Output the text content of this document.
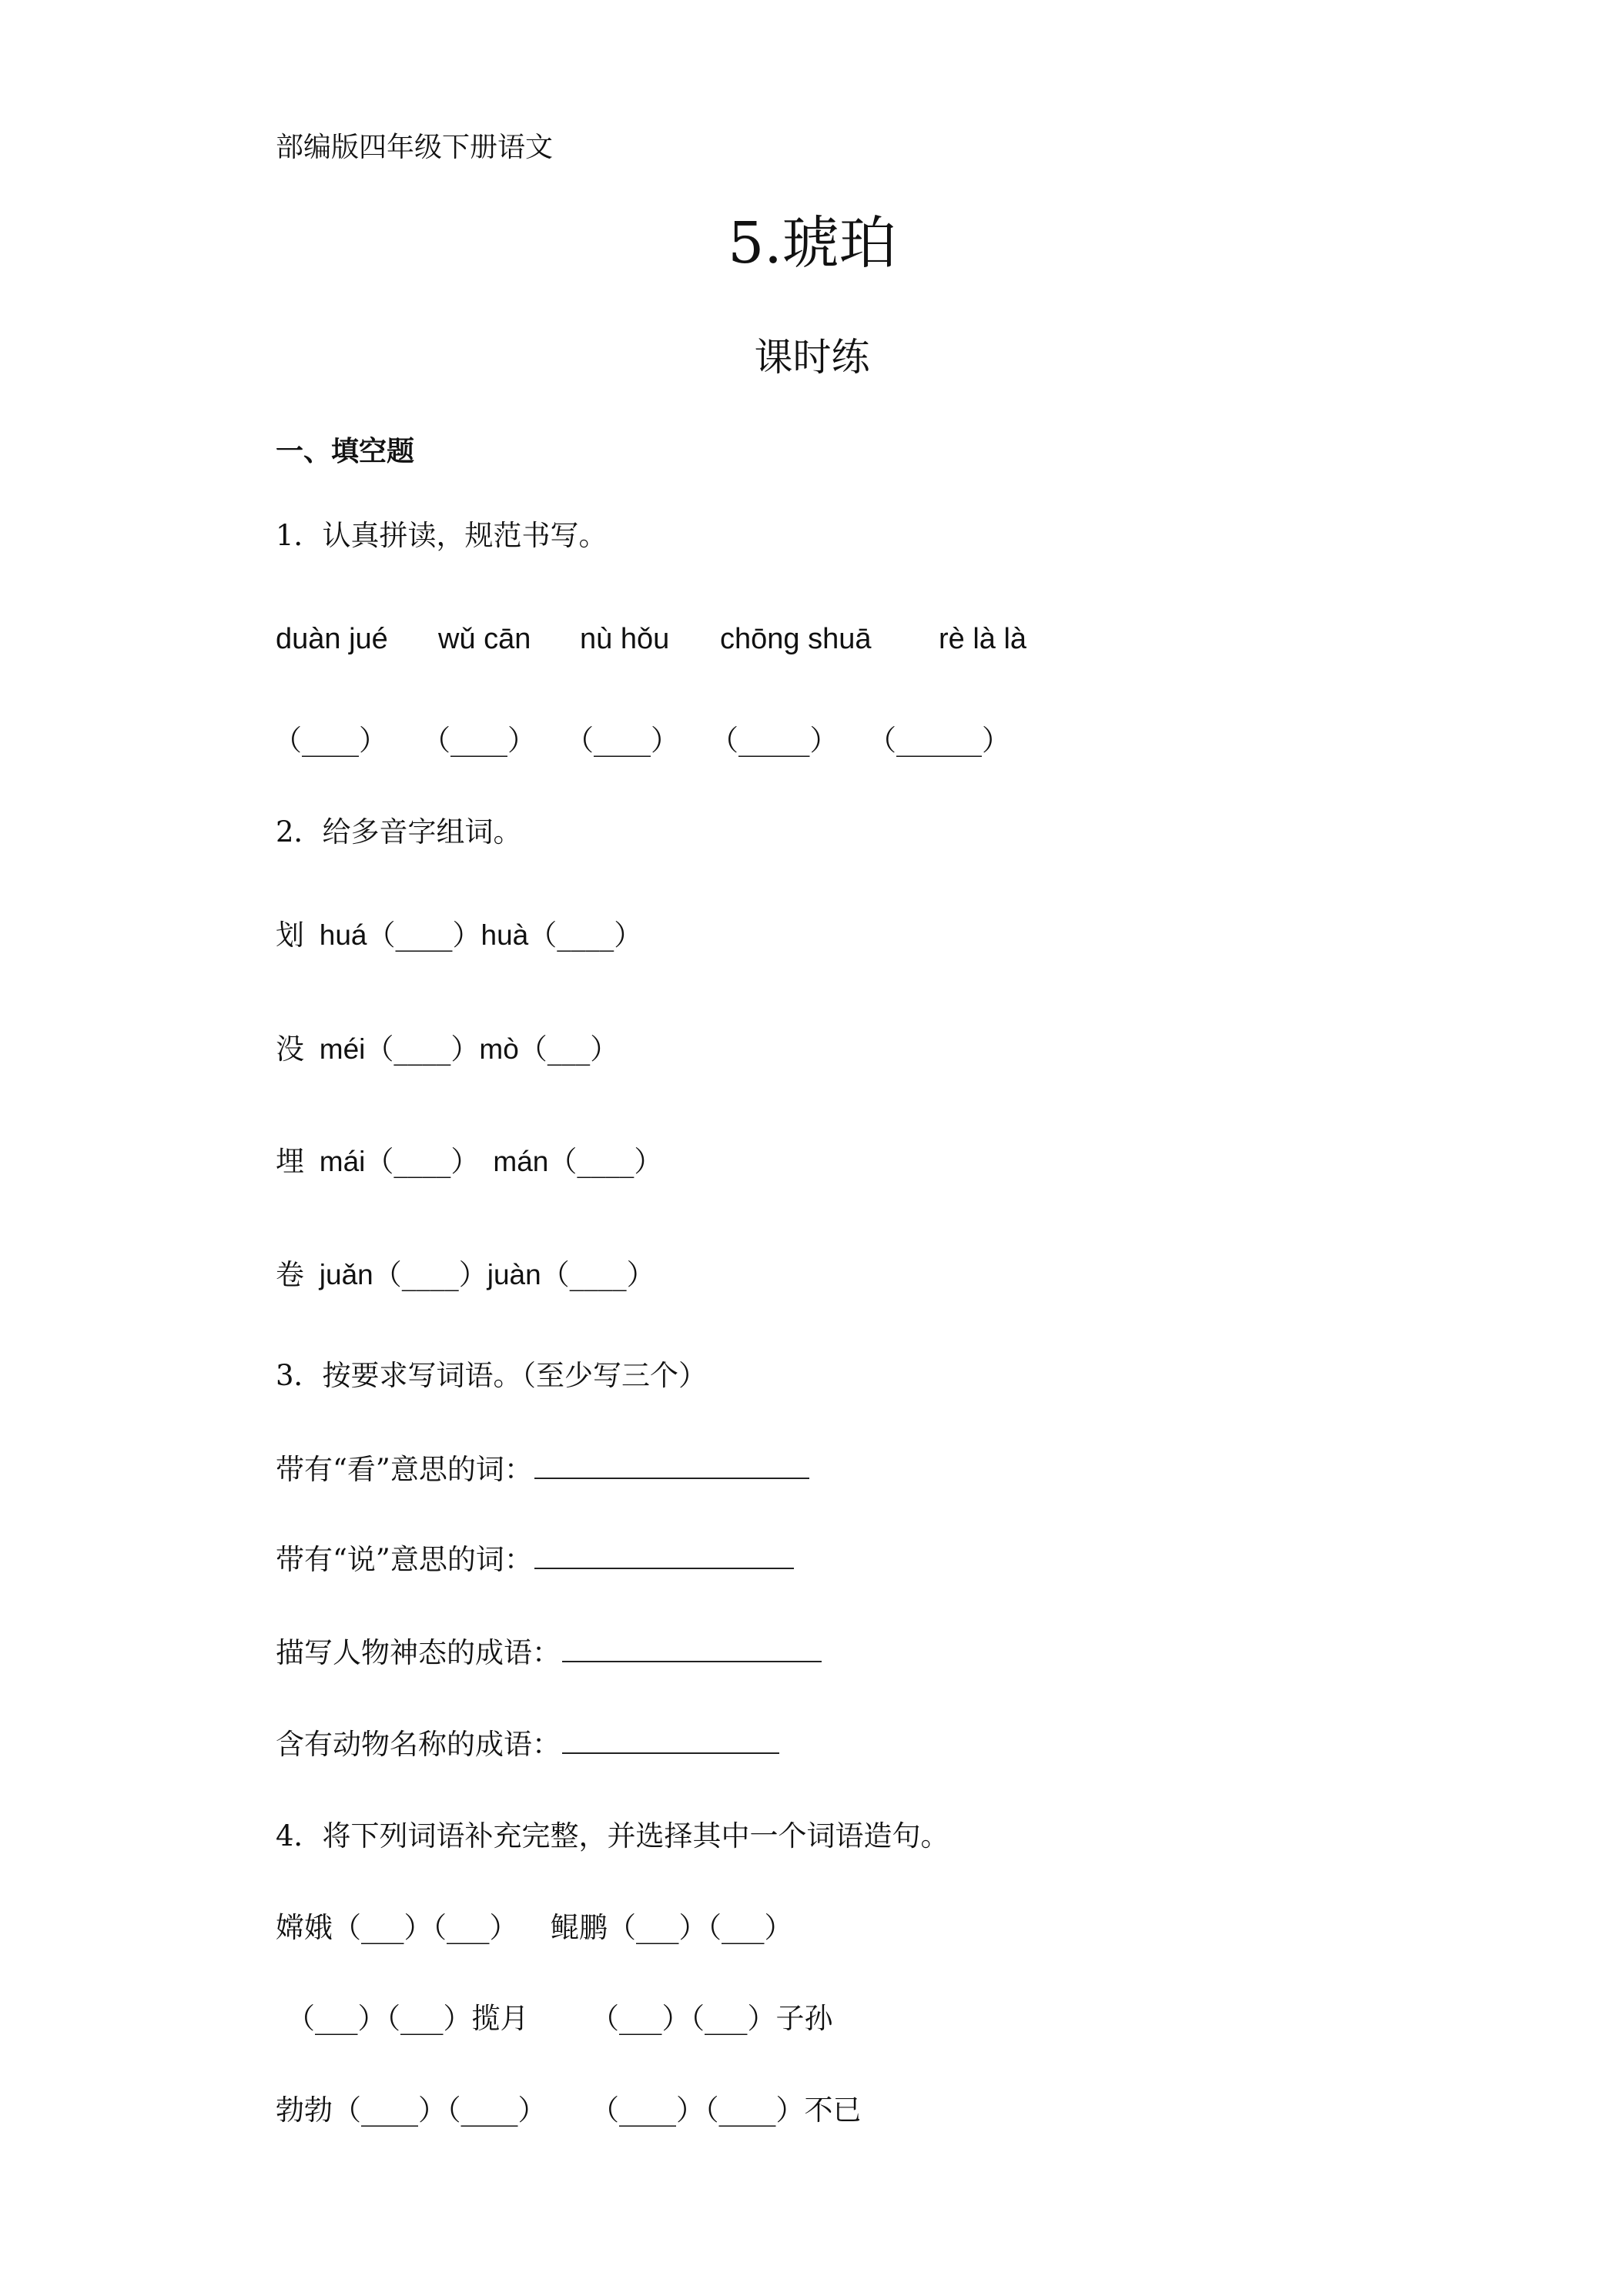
部编版四年级下册语文
5.琥珀
课时练
一、填空题
1．认真拼读，规范书写。
duàn jué wǔ cān nù hǒu chōng shuā rè là là
（____） （____） （____） （_____） （______）
2．给多音字组词。
划 huá（____）huà（____）
没 méi（____）mò（___）
埋 mái（____） mán（____）
卷 juǎn（____）juàn（____）
3．按要求写词语。（至少写三个）
带有“看”意思的词：
带有“说”意思的词：
描写人物神态的成语：
含有动物名称的成语：
4．将下列词语补充完整，并选择其中一个词语造句。
嫦娥（___）（___） 鲲鹏（___）（___）
（___）（___）揽月 （___）（___）子孙
勃勃（____）（____） （____）（____）不已
